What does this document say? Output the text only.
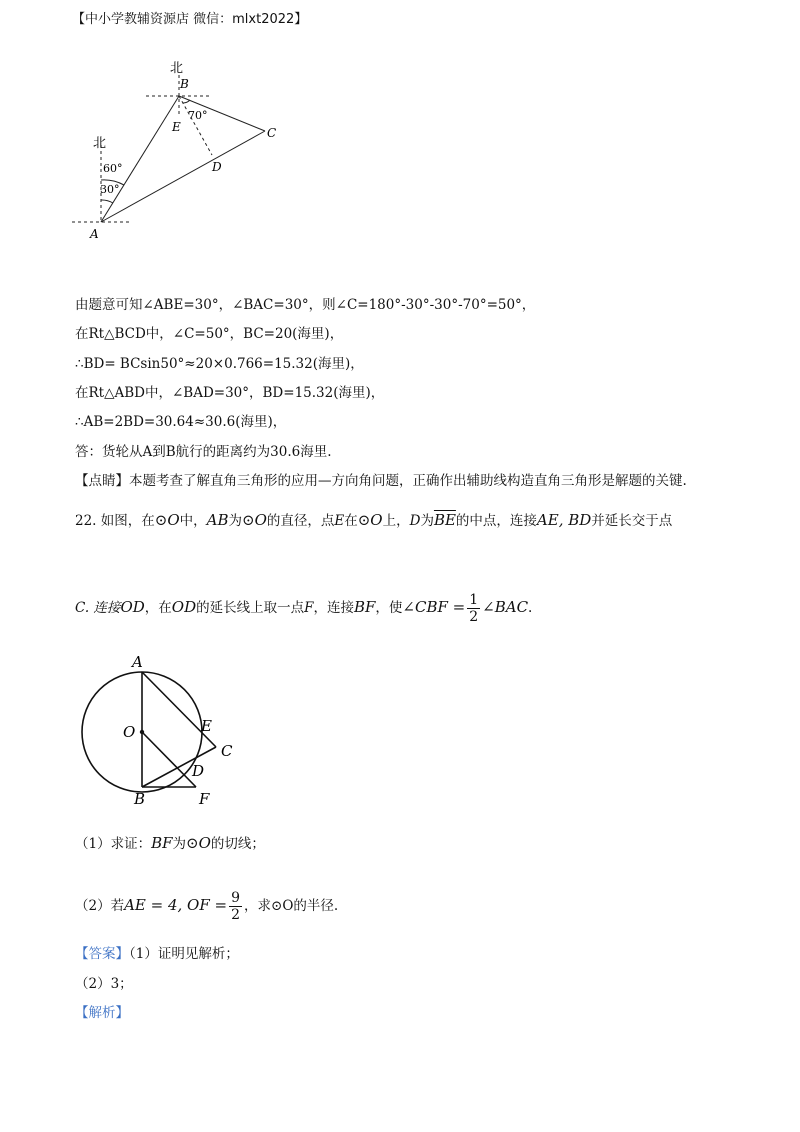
【中小学教辅资源店 微信：mlxt2022】
北
北
B
E	C
D
A
70°
60°
30°
由题意可知∠ABE=30°，∠BAC=30°，则∠C=180°-30°-30°-70°=50°，
在Rt△BCD中，∠C=50°，BC=20(海里)，
∴BD= BCsin50°≈20×0.766=15.32(海里)，
在Rt△ABD中，∠BAD=30°，BD=15.32(海里)，
∴AB=2BD=30.64≈30.6(海里)，
答：货轮从A到B航行的距离约为30.6海里.
【点睛】本题考查了解直角三角形的应用—方向角问题，正确作出辅助线构造直角三角形是解题的关键.
22. 如图，在⊙O中，AB为⊙O的直径，点E在⊙O上，D为$\overline{BE}$的中点，连接AE, BD并延长交于点
C. 连接OD，在OD的延长线上取一点F，连接BF，使∠CBF = $\frac{1}{2}$ ∠BAC.
A
O	E
C
D
B	F
（1）求证：BF为⊙O的切线；
（2）若AE = 4, OF = $\frac{9}{2}$ ，求⊙O的半径.
【答案】（1）证明见解析；
（2）3；
【解析】
